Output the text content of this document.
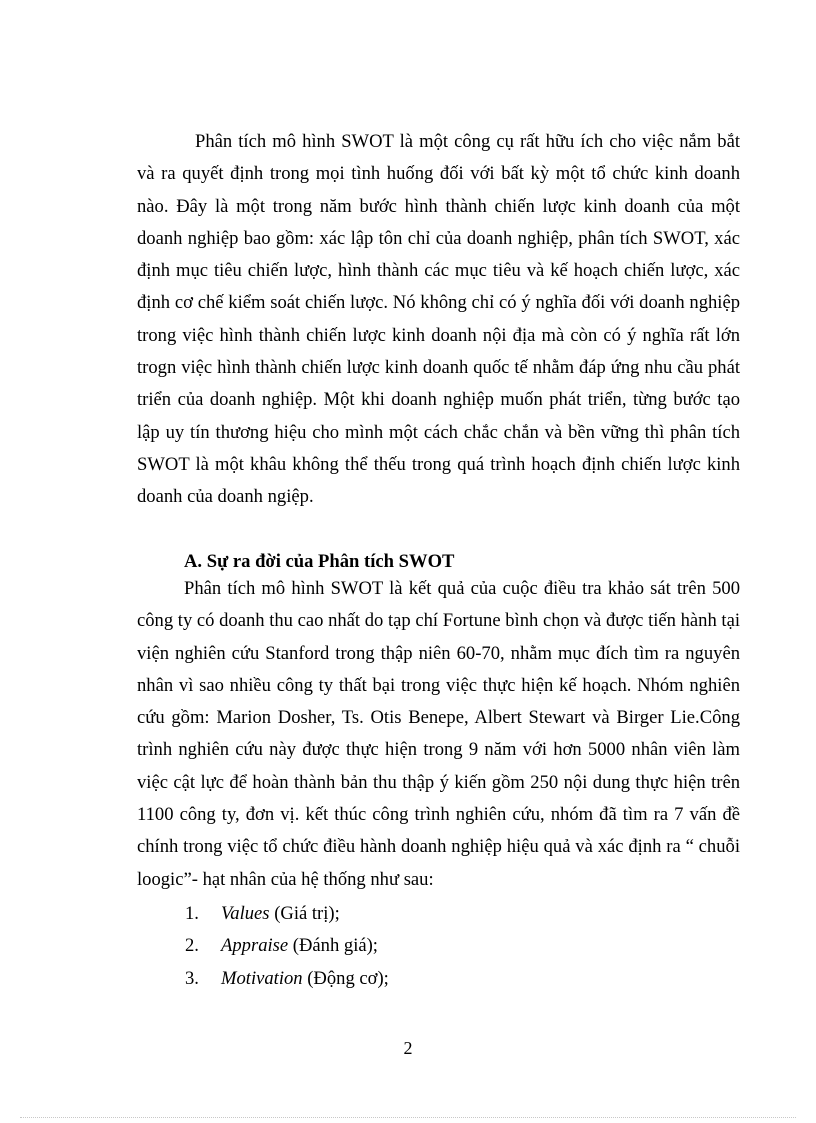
Phân tích mô hình SWOT là một công cụ rất hữu ích cho việc nắm bắt và ra quyết định trong mọi tình huống đối với bất kỳ một tổ chức kinh doanh nào. Đây là một trong năm bước hình thành chiến lược kinh doanh của một doanh nghiệp bao gồm: xác lập tôn chỉ của doanh nghiệp, phân tích SWOT, xác định mục tiêu chiến lược, hình thành các mục tiêu và kế hoạch chiến lược, xác định cơ chế kiểm soát chiến lược. Nó không chỉ có ý nghĩa đối với doanh nghiệp trong việc hình thành chiến lược kinh doanh nội địa mà còn có ý nghĩa rất lớn trogn việc hình thành chiến lược kinh doanh quốc tế nhằm đáp ứng nhu cầu phát triển của doanh nghiệp. Một khi doanh nghiệp muốn phát triển, từng bước tạo lập uy tín thương hiệu cho mình một cách chắc chắn và bền vững thì phân tích SWOT là một khâu không thể thếu trong quá trình hoạch định chiến lược kinh doanh của doanh ngiệp.

A. Sự ra đời của Phân tích SWOT

Phân tích mô hình SWOT là kết quả của cuộc điều tra khảo sát trên 500 công ty có doanh thu cao nhất do tạp chí Fortune bình chọn và được tiến hành tại viện nghiên cứu Stanford trong thập niên 60-70, nhằm mục đích tìm ra nguyên nhân vì sao nhiều công ty thất bại trong việc thực hiện kế hoạch. Nhóm nghiên cứu gồm: Marion Dosher, Ts. Otis Benepe, Albert Stewart và Birger Lie.Công trình nghiên cứu này được thực hiện trong 9 năm với hơn 5000 nhân viên làm việc cật lực để hoàn thành bản thu thập ý kiến gồm 250 nội dung thực hiện trên 1100 công ty, đơn vị. kết thúc công trình nghiên cứu, nhóm đã tìm ra 7 vấn đề chính trong việc tổ chức điều hành doanh nghiệp hiệu quả và xác định ra “ chuỗi loogic”- hạt nhân của hệ thống như sau:

1.	Values (Giá trị);
2.	Appraise (Đánh giá);
3.	Motivation (Động cơ);
2
